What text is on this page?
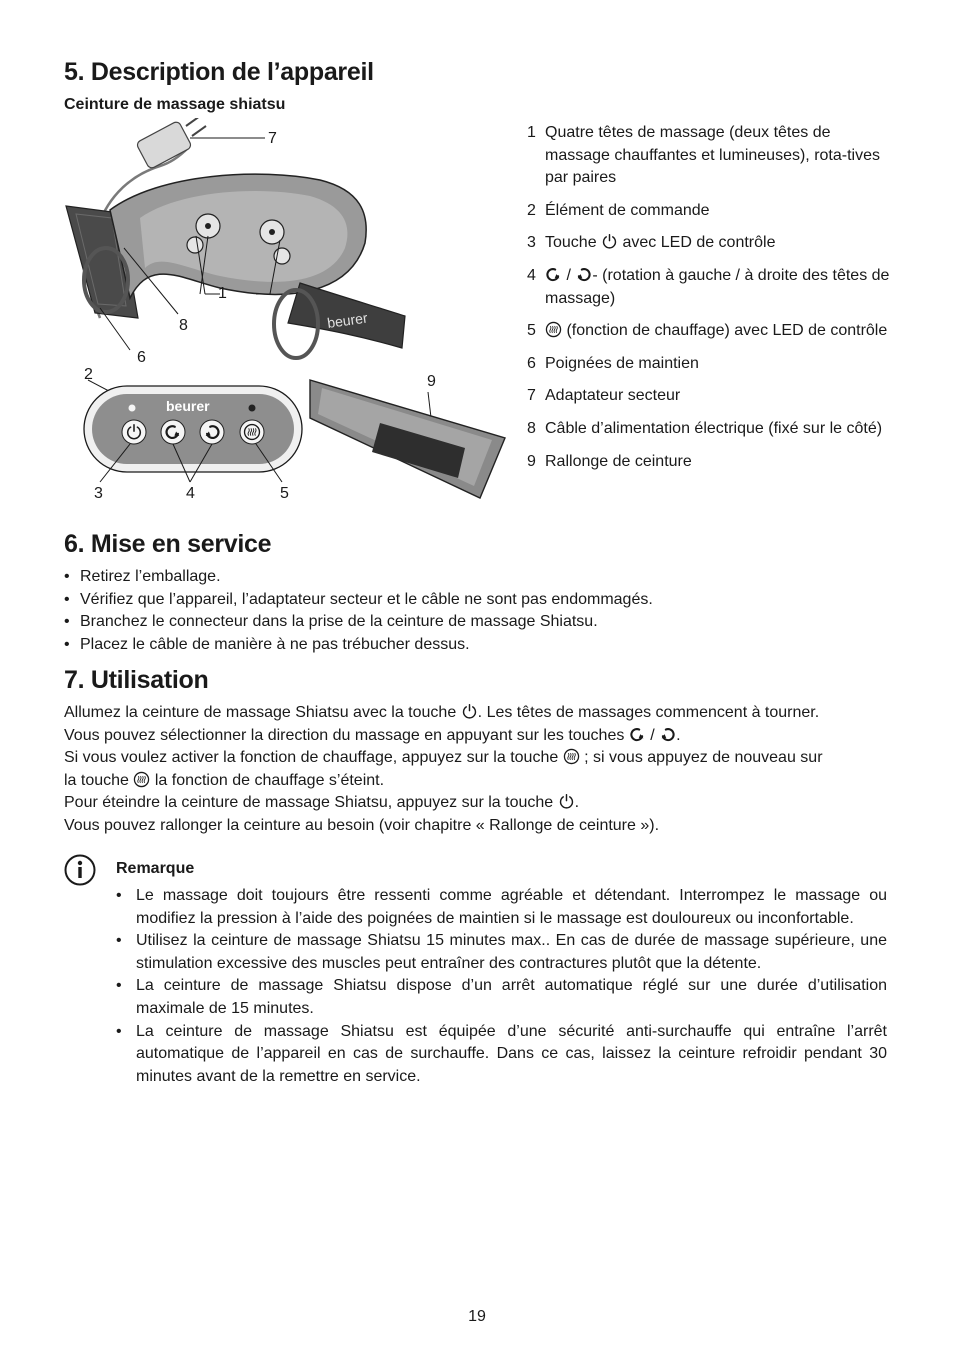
5. Description de l’appareil
Ceinture de massage shiatsu
beurer
beurer
7
1
8
6
2	9
3	4	5
1 Quatre têtes de massage (deux têtes de massage chauffantes et lumineuses), rota-tives par paires
2 Élément de commande
3 Touche avec LED de contrôle
4 / - (rotation à gauche / à droite des têtes de massage)
5 (fonction de chauffage) avec LED de contrôle
6 Poignées de maintien
7 Adaptateur secteur
8 Câble d’alimentation électrique (fixé sur le côté)
9 Rallonge de ceinture
6. Mise en service
• Retirez l’emballage.
• Vérifiez que l’appareil, l’adaptateur secteur et le câble ne sont pas endommagés.
• Branchez le connecteur dans la prise de la ceinture de massage Shiatsu.
• Placez le câble de manière à ne pas trébucher dessus.
7. Utilisation
Allumez la ceinture de massage Shiatsu avec la touche . Les têtes de massages commencent à tourner.
Vous pouvez sélectionner la direction du massage en appuyant sur les touches / .
Si vous voulez activer la fonction de chauffage, appuyez sur la touche ; si vous appuyez de nouveau sur
la touche la fonction de chauffage s’éteint.
Pour éteindre la ceinture de massage Shiatsu, appuyez sur la touche .
Vous pouvez rallonger la ceinture au besoin (voir chapitre « Rallonge de ceinture »).
Remarque
• Le massage doit toujours être ressenti comme agréable et détendant. Interrompez le massage ou modifiez la pression à l’aide des poignées de maintien si le massage est douloureux ou inconfortable.
• Utilisez la ceinture de massage Shiatsu 15 minutes max.. En cas de durée de massage supérieure, une stimulation excessive des muscles peut entraîner des contractures plutôt que la détente.
• La ceinture de massage Shiatsu dispose d’un arrêt automatique réglé sur une durée d’utilisation maximale de 15 minutes.
• La ceinture de massage Shiatsu est équipée d’une sécurité anti-surchauffe qui entraîne l’arrêt automatique de l’appareil en cas de surchauffe. Dans ce cas, laissez la ceinture refroidir pendant 30 minutes avant de la remettre en service.
19
